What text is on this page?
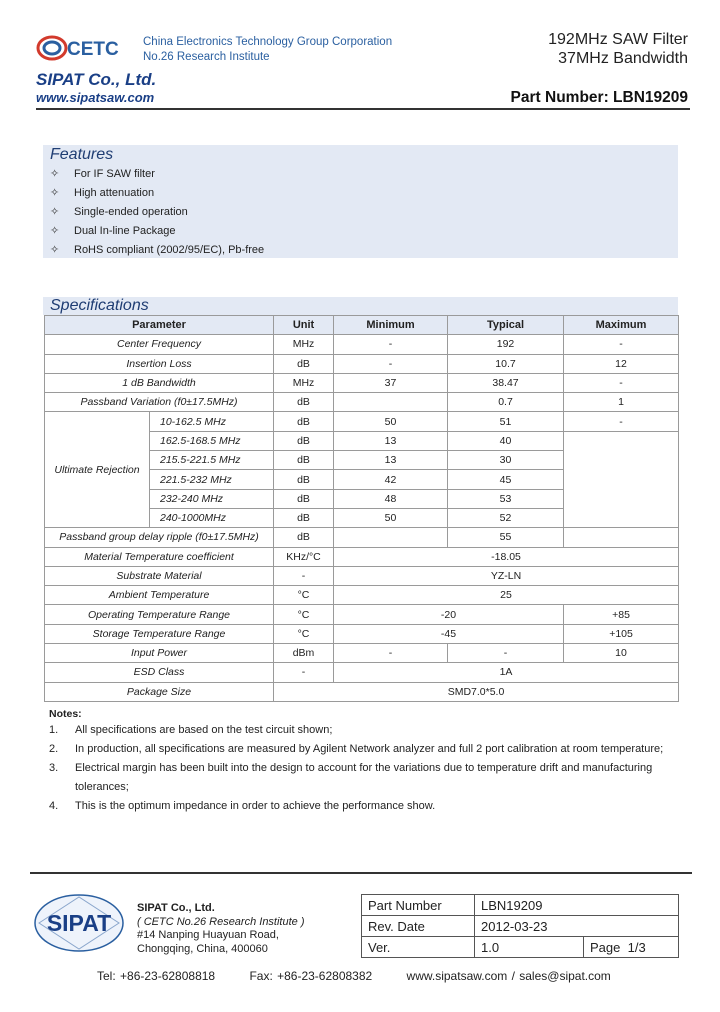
CETC China Electronics Technology Group Corporation
No.26 Research Institute
SIPAT Co., Ltd.
www.sipatsaw.com
192MHz SAW Filter
37MHz Bandwidth
Part Number: LBN19209
Features
✧ For IF SAW filter
✧ High attenuation
✧ Single-ended operation
✧ Dual In-line Package
✧ RoHS compliant (2002/95/EC), Pb-free
Specifications
Parameter		Unit	Minimum	Typical	Maximum
Center Frequency		MHz	-	192	-
Insertion Loss		dB	-	10.7	12
1 dB Bandwidth		MHz	37	38.47	-
Passband Variation (f0±17.5MHz)		dB		0.7	1
Ultimate Rejection	10-162.5 MHz	dB	50	51	-
	162.5-168.5 MHz	dB	13	40	
	215.5-221.5 MHz	dB	13	30	
	221.5-232 MHz	dB	42	45	
	232-240 MHz	dB	48	53	
	240-1000MHz	dB	50	52	
Passband group delay ripple (f0±17.5MHz)		dB		55	
Material Temperature coefficient		KHz/°C	-18.05		
Substrate Material		-	YZ-LN		
Ambient Temperature		°C	25		
Operating Temperature Range		°C	-20		+85
Storage Temperature Range		°C	-45		+105
Input Power		dBm	-	-	10
ESD Class		-	1A		
Package Size		SMD7.0*5.0			
Notes:
1.	All specifications are based on the test circuit shown;
2.	In production, all specifications are measured by Agilent Network analyzer and full 2 port calibration at room temperature;
3.	Electrical margin has been built into the design to account for the variations due to temperature drift and manufacturing tolerances;
4.	This is the optimum impedance in order to achieve the performance show.
SIPAT
SIPAT Co., Ltd.
( CETC No.26 Research Institute )
#14 Nanping Huayuan Road,
Chongqing, China, 400060
Part Number	LBN19209	
Rev. Date	2012-03-23	
Ver.	1.0	Page 1/3
Tel: +86-23-62808818	Fax: +86-23-62808382	www.sipatsaw.com / sales@sipat.com
